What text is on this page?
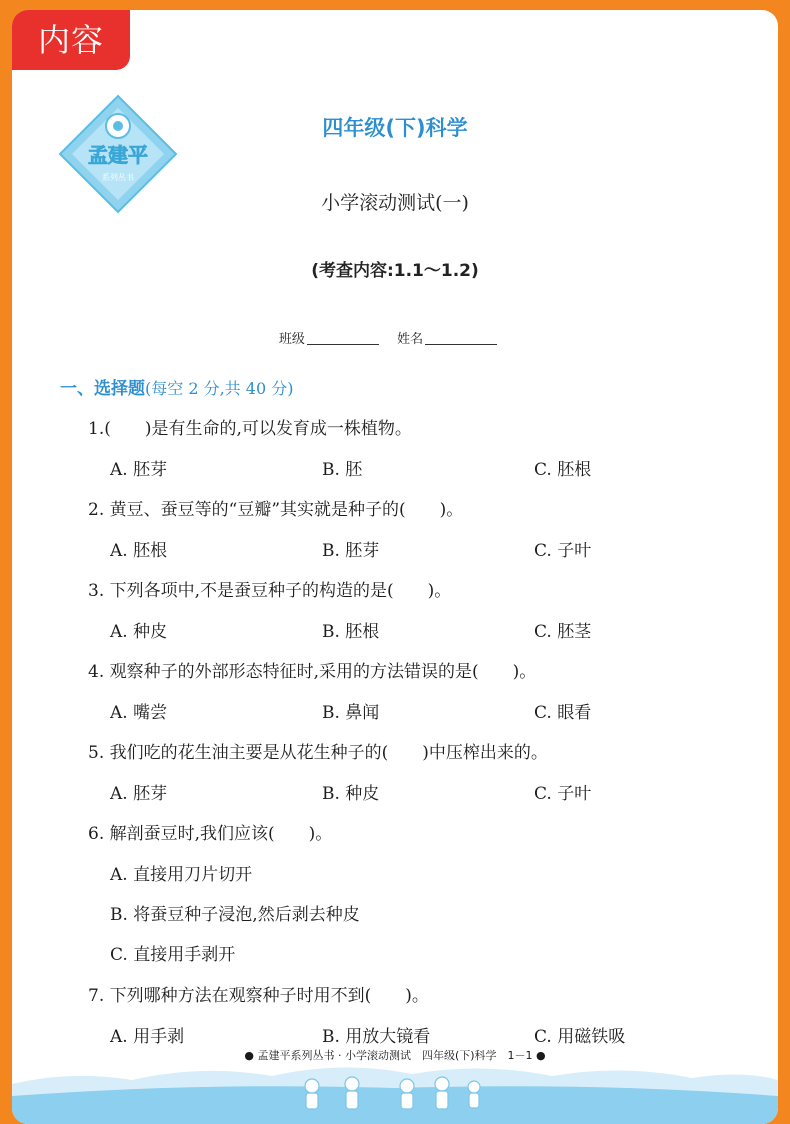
内容
孟建平
系列丛书
四年级(下)科学
小学滚动测试(一)
(考查内容:1.1～1.2)
班级	姓名
一、选择题(每空 2 分,共 40 分)
1.(　　)是有生命的,可以发育成一株植物。
A. 胚芽	B. 胚	C. 胚根
2. 黄豆、蚕豆等的“豆瓣”其实就是种子的(　　)。
A. 胚根	B. 胚芽	C. 子叶
3. 下列各项中,不是蚕豆种子的构造的是(　　)。
A. 种皮	B. 胚根	C. 胚茎
4. 观察种子的外部形态特征时,采用的方法错误的是(　　)。
A. 嘴尝	B. 鼻闻	C. 眼看
5. 我们吃的花生油主要是从花生种子的(　　)中压榨出来的。
A. 胚芽	B. 种皮	C. 子叶
6. 解剖蚕豆时,我们应该(　　)。
A. 直接用刀片切开
B. 将蚕豆种子浸泡,然后剥去种皮
C. 直接用手剥开
7. 下列哪种方法在观察种子时用不到(　　)。
A. 用手剥	B. 用放大镜看	C. 用磁铁吸
● 孟建平系列丛书 · 小学滚动测试　四年级(下)科学　1－1 ●
